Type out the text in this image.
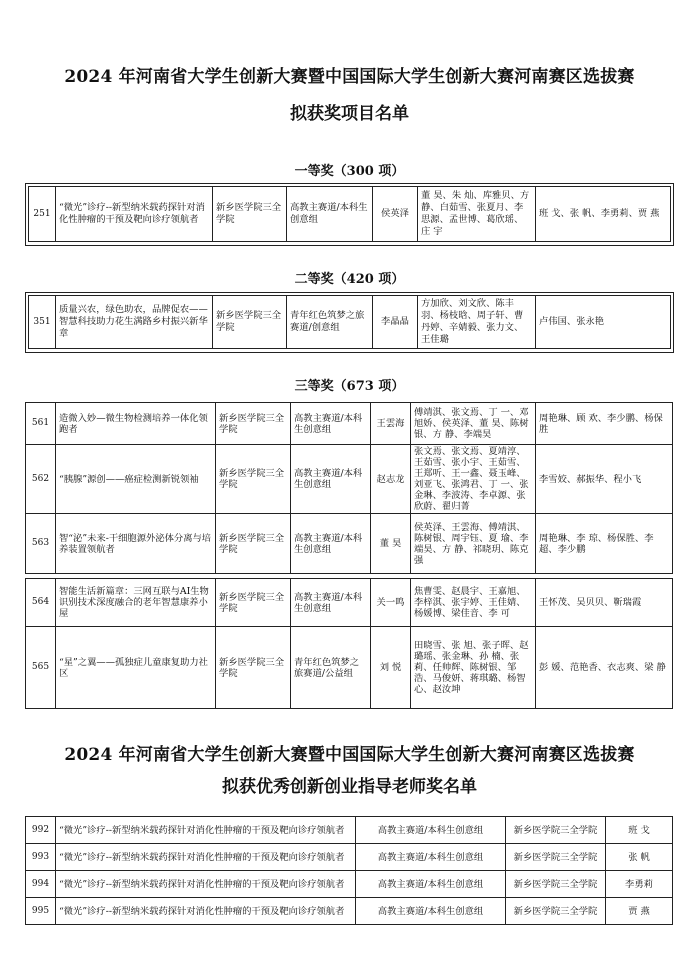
2024 年河南省大学生创新大赛暨中国国际大学生创新大赛河南赛区选拔赛
拟获奖项目名单
一等奖（300 项）
251	“微光”诊疗--新型纳米载药探针对消化性肿瘤的干预及靶向诊疗领航者	新乡医学院三全学院	高教主赛道/本科生创意组	侯英泽	董 昊、朱 灿、库雅贝、方 静、白茹雪、张夏月、李思源、孟世博、葛欣瑶、庄 宇	班 戈、张 帆、李勇莉、贾 燕
二等奖（420 项）
351	质量兴农，绿色助农，品牌促农——智慧科技助力花生满路乡村振兴新华章	新乡医学院三全学院	青年红色筑梦之旅赛道/创意组	李晶晶	方加欣、刘文欣、陈丰羽、杨枝晗、周子轩、曹丹婷、辛婧毅、张力文、王佳璐	卢伟国、张永艳
三等奖（673 项）
561	造微入妙—微生物检测培养一体化领跑者	新乡医学院三全学院	高教主赛道/本科生创意组	王雲海	傅靖淇、张文焉、丁 一、邓旭娇、侯英泽、董 昊、陈树银、方 静、李端昊	周艳琳、顾 欢、李少鹏、杨保胜
562	“胰腺”源创——癌症检测新锐领袖	新乡医学院三全学院	高教主赛道/本科生创意组	赵志龙	张文焉、张文焉、夏靖淳、王茹雪、张小宇、王茹雪、王郑听、王一鑫、聂玉峰、刘亚飞、张鸿君、丁 一、张金琳、李波涛、李卓源、张欣蔚、翟归菁	李雪姣、郝振华、程小飞
563	智“泌”未来-干细胞源外泌体分离与培养装置领航者	新乡医学院三全学院	高教主赛道/本科生创意组	董 昊	侯英泽、王雲海、傅靖淇、陈树银、周宇钰、夏 瑜、李端昊、方 静、祁晓玥、陈克强	周艳琳、李 琼、杨保胜、李 超、李少鹏
564	智能生活新篇章：三网互联与AI生物识别技术深度融合的老年智慧康养小屋	新乡医学院三全学院	高教主赛道/本科生创意组	关一鸣	焦曹雯、赵晨宇、王嘉旭、李梓淇、张宇婷、王佳婧、杨媛博、梁佳音、李 可	王怀茂、吴贝贝、靳瑞霞
565	“星”之翼——孤独症儿童康复助力社区	新乡医学院三全学院	青年红色筑梦之旅赛道/公益组	刘 悦	田晓雪、张 旭、张子晖、赵璐瑶、张金琳、孙 楠、张 莉、任帅辉、陈树银、邹 浩、马俊妍、蒋琪璐、杨智心、赵汝坤	彭 媛、范艳香、衣志爽、梁 静
2024 年河南省大学生创新大赛暨中国国际大学生创新大赛河南赛区选拔赛
拟获优秀创新创业指导老师奖名单
992	“微光”诊疗--新型纳米载药探针对消化性肿瘤的干预及靶向诊疗领航者	高教主赛道/本科生创意组	新乡医学院三全学院	班 戈
993	“微光”诊疗--新型纳米载药探针对消化性肿瘤的干预及靶向诊疗领航者	高教主赛道/本科生创意组	新乡医学院三全学院	张 帆
994	“微光”诊疗--新型纳米载药探针对消化性肿瘤的干预及靶向诊疗领航者	高教主赛道/本科生创意组	新乡医学院三全学院	李勇莉
995	“微光”诊疗--新型纳米载药探针对消化性肿瘤的干预及靶向诊疗领航者	高教主赛道/本科生创意组	新乡医学院三全学院	贾 燕
